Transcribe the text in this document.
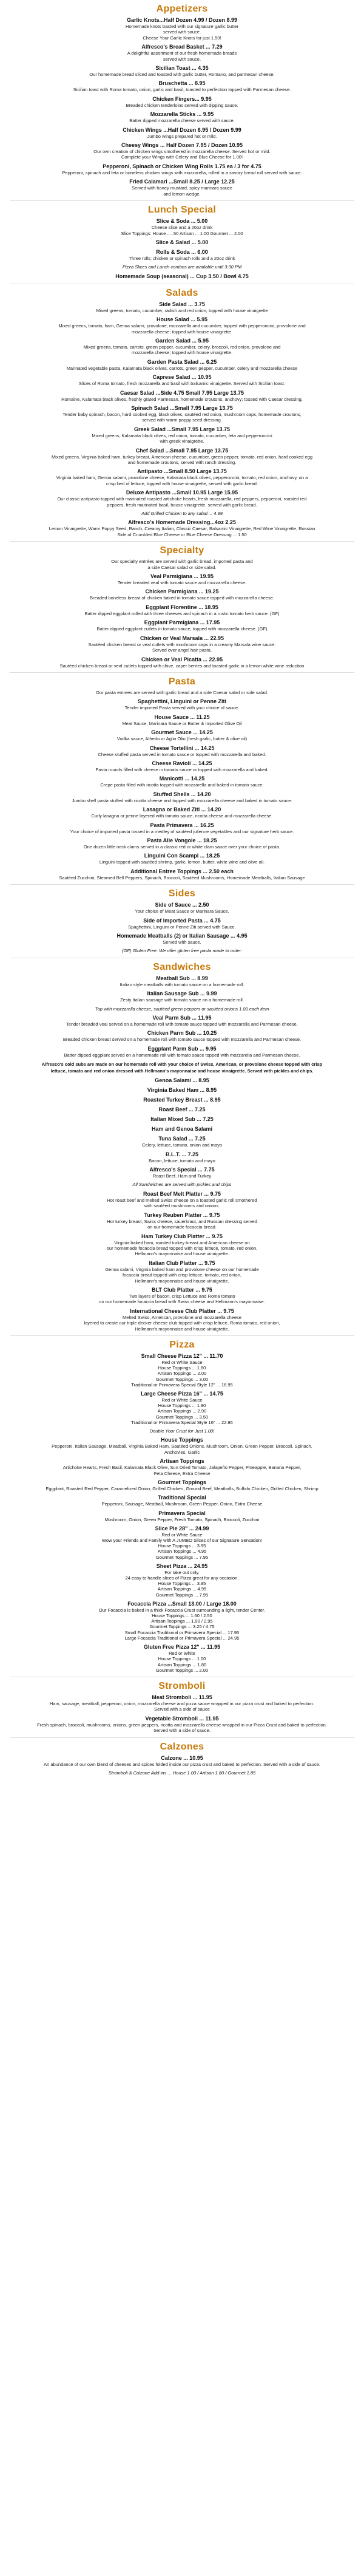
Appetizers
Garlic Knots...Half Dozen 4.99 / Dozen 8.99
Homemade knots basted with our signature garlic butter
served with sauce.
Cheese Your Garlic Knots for just 1.50!
Alfresco's Bread Basket ... 7.29
A delightful assortment of our fresh homemade breads
served with sauce.
Sicilian Toast ... 4.35
Our homemade bread sliced and toasted with garlic butter, Romano, and parmesan cheese.
Bruschetta ... 8.95
Sicilian toast with Roma tomato, onion, garlic and basil, toasted to perfection topped with Parmesan cheese.
Chicken Fingers... 9.95
Breaded chicken tenderloins served with dipping sauce.
Mozzarella Sticks ... 9.95
Batter dipped mozzarella cheese served with sauce.
Chicken Wings ...Half Dozen 6.95 / Dozen 9.99
Jumbo wings prepared hot or mild.
Cheesy Wings ... Half Dozen 7.95 / Dozen 10.95
Our own creation of chicken wings smothered in mozzarella cheese. Served hot or mild.
Complete your Wings with Celery and Blue Cheese for 1.00!
Pepperoni, Spinach or Chicken Wing Rolls 1.75 ea / 3 for 4.75
Pepperoni, spinach and feta or boneless chicken wings with mozzarella, rolled in a savory bread roll served with sauce.
Fried Calamari ...Small 8.25 / Large 12.25
Served with honey mustard, spicy marinara sauce
and lemon wedge.
Lunch Special
Slice & Soda ... 5.00
Cheese slice and a 20oz drink
Slice Toppings: House ... .50 Artisan ... 1.00 Gourmet ... 2.00
Slice & Salad ... 5.00
Rolls & Soda ... 6.00
Three rolls; chicken or spinach rolls and a 20oz drink
Pizza Slices and Lunch combos are available until 3:30 PM
Homemade Soup (seasonal) ... Cup 3.50 / Bowl 4.75
Salads
Side Salad ... 3.75
Mixed greens, tomato, cucumber, radish and red onion; topped with house vinaigrette
House Salad ... 5.95
Mixed greens, tomato, ham, Genoa salami, provolone, mozzarella and cucumber, topped with pepperoncini, provolone and
mozzarella cheese; topped with house vinaigrette.
Garden Salad ... 5.95
Mixed greens, tomato, carrots, green pepper, cucumber, celery, broccoli, red onion, provolone and
mozzarella cheese; topped with house vinaigrette.
Garden Pasta Salad ... 6.25
Marinated vegetable pasta, Kalamata black olives, carrots, green pepper, cucumber, celery and mozzarella cheese
Caprese Salad ... 10.95
Slices of Roma tomato, fresh mozzarella and basil with balsamic vinaigrette. Served with Sicilian toast.
Caesar Salad ...Side 4.75 Small 7.95 Large 13.75
Romaine, Kalamata black olives, freshly grated Parmesan, homemade croutons, anchovy; tossed with Caesar dressing.
Spinach Salad ...Small 7.95 Large 13.75
Tender baby spinach, bacon, hard cooked egg, black olives, sautéed red onion, mushroom caps, homemade croutons,
served with warm poppy seed dressing.
Greek Salad ...Small 7.95 Large 13.75
Mixed greens, Kalamata black olives, red onion, tomato, cucumber, feta and pepperoncini
with greek vinaigrette.
Chef Salad ...Small 7.95 Large 13.75
Mixed greens, Virginia baked ham, turkey breast, American cheese, cucumber, green pepper, tomato, red onion, hard cooked egg
and homemade croutons, served with ranch dressing.
Antipasto ...Small 8.50 Large 13.75
Virginia baked ham, Genoa salami, provolone cheese, Kalamata black olives, pepperoncini, tomato, red onion, anchovy, on a
crisp bed of lettuce, topped with house vinaigrette, served with garlic bread.
Deluxe Antipasto ...Small 10.95 Large 15.95
Our classic antipasto topped with marinated roasted artichoke hearts, fresh mozzarella, red peppers, pepperoni, roasted red
peppers, fresh marinated basil, house vinaigrette, served with garlic bread.
Add Grilled Chicken to any salad ... 4.99
Alfresco's Homemade Dressing...4oz 2.25
Lemon Vinaigrette, Warm Poppy Seed, Ranch, Creamy Italian, Classic Caesar, Balsamic Vinaigrette, Red Wine Vinaigrette, Russian
Side of Crumbled Blue Cheese or Blue Cheese Dressing ... 1.50
Specialty
Our specialty entrées are served with garlic bread, imported pasta and
a side Caesar salad or side salad.
Veal Parmigiana ... 19.95
Tender breaded veal with tomato sauce and mozzarella cheese.
Chicken Parmigiana ... 19.25
Breaded boneless breast of chicken baked in tomato sauce topped with mozzarella cheese.
Eggplant Florentine ... 18.95
Batter dipped eggplant rolled with three cheeses and spinach in a rustic tomato herb sauce. (GF)
Eggplant Parmigiana ... 17.95
Batter dipped eggplant cutlets in tomato sauce, topped with mozzarella cheese. (GF)
Chicken or Veal Marsala ... 22.95
Sautéed chicken breast or veal cutlets with mushroom caps in a creamy Marsala wine sauce.
Served over angel hair pasta.
Chicken or Veal Picatta ... 22.95
Sautéed chicken breast or veal cutlets topped with chive, caper berries and toasted garlic in a lemon white wine reduction
Pasta
Our pasta entrees are served with garlic bread and a side Caesar salad or side salad.
Spaghettini, Linguini or Penne Ziti
Tender imported Pasta served with your choice of sauce.
House Sauce ... 11.25
Meat Sauce, Marinara Sauce or Butter & Imported Olive Oil
Gourmet Sauce ... 14.25
Vodka sauce, Alfredo or Aglio Olio (fresh garlic, butter & olive oil)
Cheese Tortellini ... 14.25
Cheese stuffed pasta served in tomato sauce or topped with mozzarella and baked.
Cheese Ravioli ... 14.25
Pasta rounds filled with cheese in tomato sauce or topped with mozzarella and baked.
Manicotti ... 14.25
Crepe pasta filled with ricotta topped with mozzarella and baked in tomato sauce.
Stuffed Shells ... 14.20
Jumbo shell pasta stuffed with ricotta cheese and topped with mozzarella cheese and baked in tomato sauce.
Lasagna or Baked Ziti ... 14.20
Curly lasagna or penne layered with tomato sauce, ricotta cheese and mozzarella cheese.
Pasta Primavera ... 16.25
Your choice of imported pasta tossed in a medley of sautéed julienne vegetables and our signature herb sauce.
Pasta Alle Vongole ... 18.25
One dozen little neck clams served in a classic red or white clam sauce over your choice of pasta.
Linguini Con Scampi ... 18.25
Linguini topped with sautéed shrimp, garlic, lemon, butter, white wine and olive oil.
Additional Entree Toppings ... 2.50 each
Sautéed Zucchini, Steamed Bell Peppers, Spinach, Broccoli, Sautéed Mushrooms, Homemade Meatballs, Italian Sausage
Sides
Side of Sauce ... 2.50
Your choice of Meat Sauce or Marinara Sauce.
Side of Imported Pasta ... 4.75
Spaghettini, Linguini or Penne Ziti served with Sauce.
Homemade Meatballs (2) or Italian Sausage ... 4.95
Served with sauce.
(GF) Gluten Free. We offer gluten free pasta made to order.
Sandwiches
Meatball Sub ... 8.99
Italian style meatballs with tomato sauce on a homemade roll.
Italian Sausage Sub ... 9.99
Zesty Italian sausage with tomato sauce on a homemade roll.
Top with mozzarella cheese, sautéed green peppers or sautéed onions 1.00 each item
Veal Parm Sub ... 11.95
Tender breaded veal served on a homemade roll with tomato sauce topped with mozzarella and Parmesan cheese.
Chicken Parm Sub ... 10.25
Breaded chicken breast served on a homemade roll with tomato sauce topped with mozzarella and Parmesan cheese.
Eggplant Parm Sub ... 9.95
Batter dipped eggplant served on a homemade roll with tomato sauce topped with mozzarella and Parmesan cheese.
Alfresco's cold subs are made on our homemade roll with your choice of Swiss, American, or provolone cheese topped with crisp
lettuce, tomato and red onion dressed with Hellmann's mayonnaise and house vinaigrette. Served with pickles and chips.
Genoa Salami ... 8.95
Virginia Baked Ham ... 8.95
Roasted Turkey Breast ... 8.95
Roast Beef ... 7.25
Italian Mixed Sub ... 7.25
Ham and Genoa Salami
Tuna Salad ... 7.25
Celery, lettuce, tomato, onion and mayo
B.L.T. ... 7.25
Bacon, lettuce, tomato and mayo
Alfresco's Special ... 7.75
Roast Beef, Ham and Turkey
All Sandwiches are served with pickles and chips
Roast Beef Melt Platter ... 9.75
Hot roast beef and melted Swiss cheese on a toasted garlic roll smothered
with sautéed mushrooms and onions.
Turkey Reuben Platter ... 9.75
Hot turkey breast, Swiss cheese, sauerkraut, and Russian dressing served
on our homemade focaccia bread.
Ham Turkey Club Platter ... 9.75
Virginia baked ham, roasted turkey breast and American cheese on
our homemade focaccia bread topped with crisp lettuce, tomato, red onion,
Hellmann's mayonnaise and house vinaigrette.
Italian Club Platter ... 9.75
Genoa salami, Virginia baked ham and provolone cheese on our homemade
focaccia bread topped with crisp lettuce, tomato, red onion,
Hellmann's mayonnaise and house vinaigrette.
BLT Club Platter ... 9.75
Two layers of bacon, crisp Lettuce and Roma tomato
on our homemade focaccia bread with Swiss cheese and Hellmann's mayonnaise.
International Cheese Club Platter ... 9.75
Melted Swiss, American, provolone and mozzarella cheese
layered to create our triple decker cheese club topped with crisp lettuce, Roma tomato, red onion,
Hellmann's mayonnaise and house vinaigrette.
Pizza
Small Cheese Pizza 12" ... 11.70
Red or White Sauce
House Toppings ... 1.60
Artisan Toppings ... 2.00
Gourmet Toppings ... 3.00
Traditional or Primavera Special Style 12" ... 16.95
Large Cheese Pizza 16" ... 14.75
Red or White Sauce
House Toppings ... 1.90
Artisan Toppings ... 2.90
Gourmet Toppings ... 3.50
Traditional or Primavera Special Style 16" ... 22.95
Double Your Crust for Just 1.00!
House Toppings
Pepperoni, Italian Sausage, Meatball, Virginia Baked Ham, Sautéed Onions, Mushroom, Onion, Green Pepper, Broccoli, Spinach,
Anchovies, Garlic
Artisan Toppings
Artichoke Hearts, Fresh Basil, Kalamata Black Olive, Sun Dried Tomato, Jalapeño Pepper, Pineapple, Banana Pepper,
Feta Cheese, Extra Cheese
Gourmet Toppings
Eggplant, Roasted Red Pepper, Caramelized Onion, Grilled Chicken, Ground Beef, Meatballs, Buffalo Chicken, Grilled Chicken, Shrimp
Traditional Special
Pepperoni, Sausage, Meatball, Mushroom, Green Pepper, Onion, Extra Cheese
Primavera Special
Mushroom, Onion, Green Pepper, Fresh Tomato, Spinach, Broccoli, Zucchini
Slice Pie 28" ... 24.99
Red or White Sauce
Wow your Friends and Family with A JUMBO Slices of our Signature Sensation!
House Toppings ... 3.95
Artisan Toppings ... 4.95
Gourmet Toppings ... 7.95
Sheet Pizza ... 24.95
For take out only.
24 easy to handle slices of Pizza great for any occasion.
House Toppings ... 3.95
Artisan Toppings ... 4.95
Gourmet Toppings ... 7.95
Focaccia Pizza ...Small 13.00 / Large 18.00
Our Focaccia is baked in a thick Focaccia Crust surrounding a light, tender Center.
House Toppings ... 1.60 / 2.50
Artisan Toppings ... 1.90 / 2.95
Gourmet Toppings ... 3.25 / 4.75
Small Focaccia Traditional or Primavera Special ... 17.95
Large Focaccia Traditional or Primavera Special ... 24.95
Gluten Free Pizza 12" ... 11.95
Red or White
House Toppings ... 1.00
Artisan Toppings ... 1.80
Gourmet Toppings ... 2.00
Stromboli
Meat Stromboli ... 11.95
Ham, sausage, meatball, pepperoni, onion, mozzarella cheese and pizza sauce wrapped in our pizza crust and baked to perfection.
Served with a side of sauce
Vegetable Stromboli ... 11.95
Fresh spinach, broccoli, mushrooms, onions, green peppers, ricotta and mozzarella cheese wrapped in our Pizza Crust and baked to perfection.
Served with a side of sauce.
Calzones
Calzone ... 10.95
An abundance of our own blend of cheeses and spices folded inside our pizza crust and baked to perfection. Served with a side of sauce.
Stromboli & Calzone Add-ins ... House 1.00 / Artisan 1.80 / Gourmet 1.85
